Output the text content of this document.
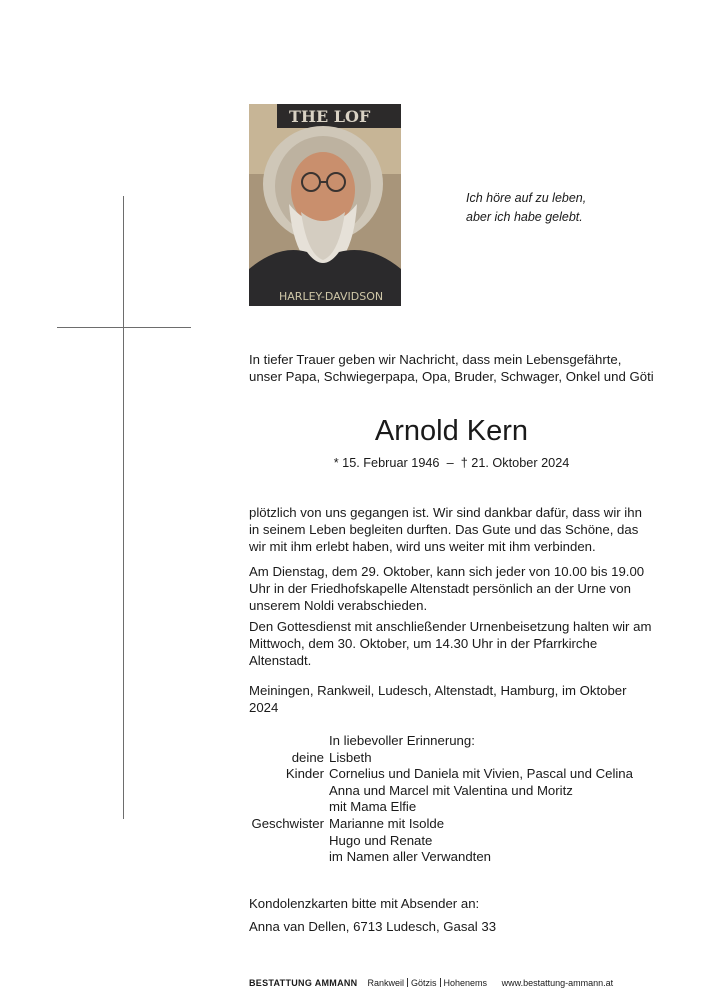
THE LOF
HARLEY-DAVIDSON
Ich höre auf zu leben,
aber ich habe gelebt.
In tiefer Trauer geben wir Nachricht, dass mein Lebensgefährte, unser Papa, Schwiegerpapa, Opa, Bruder, Schwager, Onkel und Göti
Arnold Kern
* 15. Februar 1946 – † 21. Oktober 2024
plötzlich von uns gegangen ist. Wir sind dankbar dafür, dass wir ihn in seinem Leben begleiten durften. Das Gute und das Schöne, das wir mit ihm erlebt haben, wird uns weiter mit ihm verbinden.
Am Dienstag, dem 29. Oktober, kann sich jeder von 10.00 bis 19.00 Uhr in der Friedhofskapelle Altenstadt persönlich an der Urne von unserem Noldi verabschieden.
Den Gottesdienst mit anschließender Urnenbeisetzung halten wir am Mittwoch, dem 30. Oktober, um 14.30 Uhr in der Pfarrkirche Altenstadt.
Meiningen, Rankweil, Ludesch, Altenstadt, Hamburg, im Oktober 2024
In liebevoller Erinnerung:
deine Lisbeth
Kinder Cornelius und Daniela mit Vivien, Pascal und Celina
Anna und Marcel mit Valentina und Moritz
mit Mama Elfie
Geschwister Marianne mit Isolde
Hugo und Renate
im Namen aller Verwandten
Kondolenzkarten bitte mit Absender an:
Anna van Dellen, 6713 Ludesch, Gasal 33
BESTATTUNG AMMANN Rankweil Götzis Hohenems www.bestattung-ammann.at
